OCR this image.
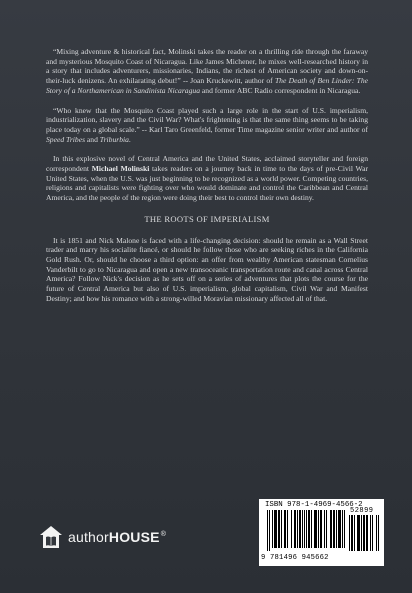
“Mixing adventure & historical fact, Molinski takes the reader on a thrilling ride through the faraway and mysterious Mosquito Coast of Nicaragua. Like James Michener, he mixes well-researched history in a story that includes adventurers, missionaries, Indians, the richest of American society and down-on-their-luck denizens. An exhilarating debut!” -- Joan Kruckewitt, author of The Death of Ben Linder: The Story of a Northamerican in Sandinista Nicaragua and former ABC Radio correspondent in Nicaragua.

“Who knew that the Mosquito Coast played such a large role in the start of U.S. imperialism, industrialization, slavery and the Civil War? What's frightening is that the same thing seems to be taking place today on a global scale.” -- Karl Taro Greenfeld, former Time magazine senior writer and author of Speed Tribes and Triburbia.

In this explosive novel of Central America and the United States, acclaimed storyteller and foreign correspondent Michael Molinski takes readers on a journey back in time to the days of pre-Civil War United States, when the U.S. was just beginning to be recognized as a world power. Competing countries, religions and capitalists were fighting over who would dominate and control the Caribbean and Central America, and the people of the region were doing their best to control their own destiny.

THE ROOTS OF IMPERIALISM

It is 1851 and Nick Malone is faced with a life-changing decision: should he remain as a Wall Street trader and marry his socialite fiancé, or should he follow those who are seeking riches in the California Gold Rush. Or, should he choose a third option: an offer from wealthy American statesman Cornelius Vanderbilt to go to Nicaragua and open a new transoceanic transportation route and canal across Central America? Follow Nick's decision as he sets off on a series of adventures that plots the course for the future of Central America but also of U.S. imperialism, global capitalism, Civil War and Manifest Destiny; and how his romance with a strong-willed Moravian missionary affected all of that.

authorHOUSE®
ISBN 978-1-4969-4566-2
52899
9 781496 945662
